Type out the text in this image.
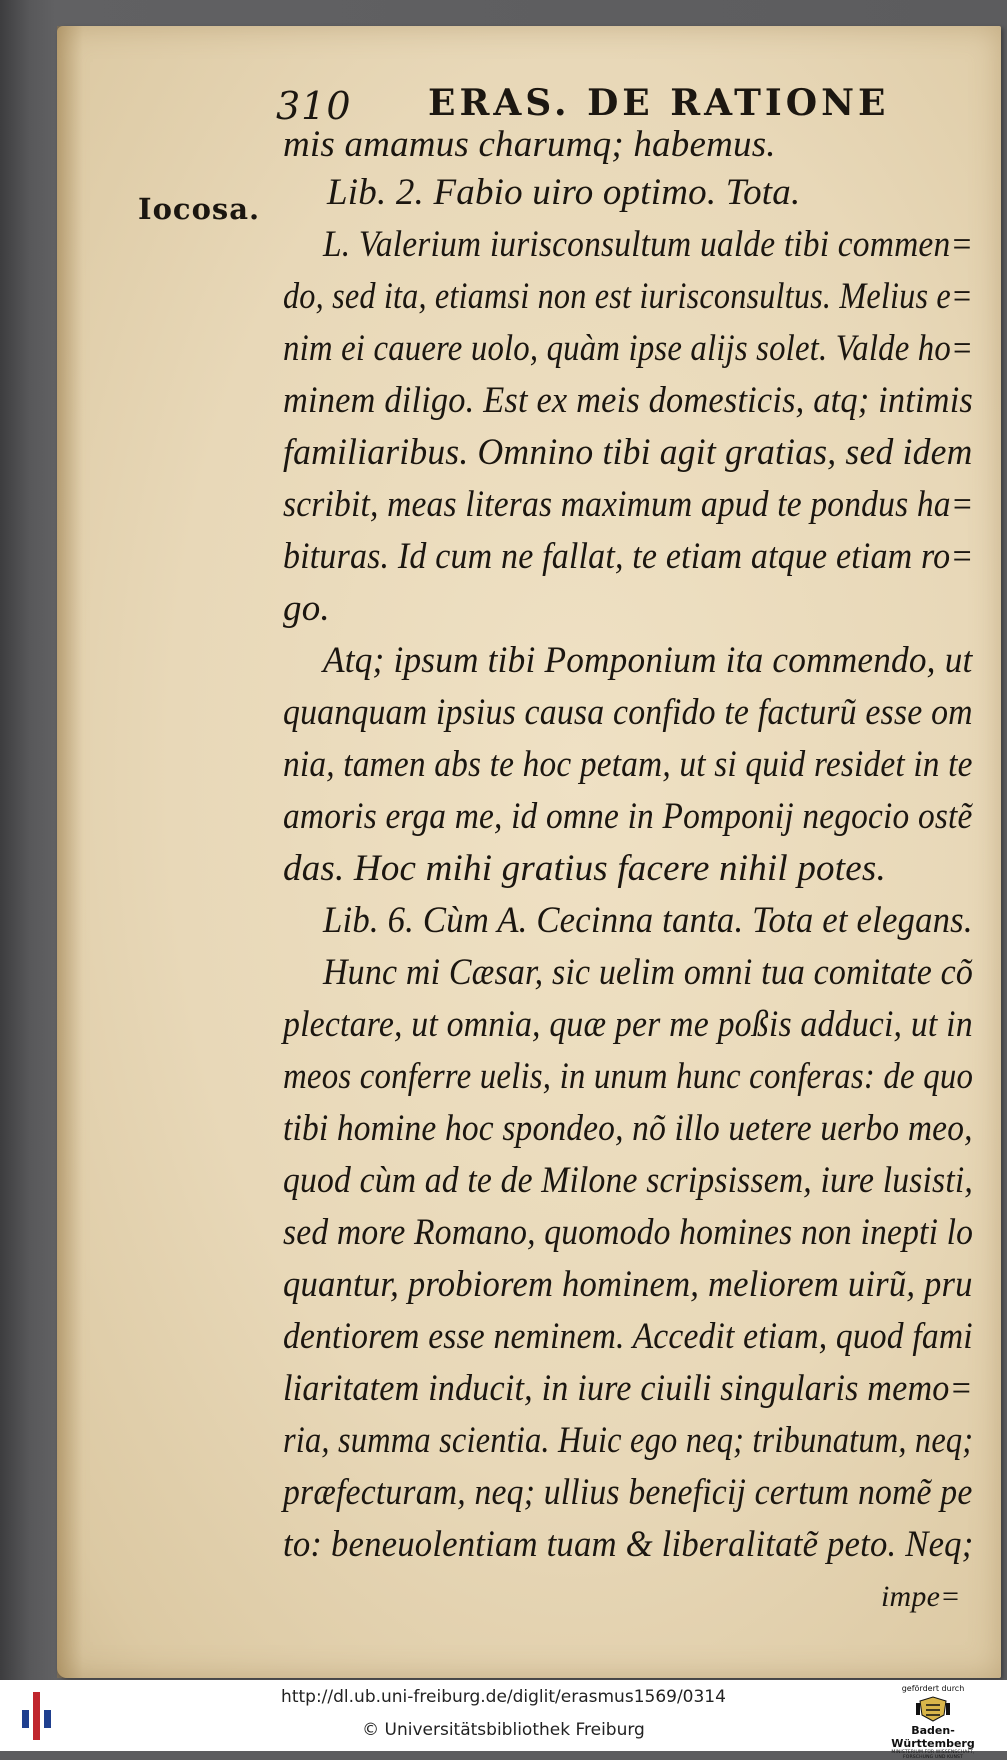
310 ERAS. DE RATIONE
Iocosa.
mis amamus charumq; habemus.
Lib. 2. Fabio uiro optimo. Tota.
L. Valerium iurisconsultum ualde tibi commen=
do, sed ita, etiamsi non est iurisconsultus. Melius e=
nim ei cauere uolo, quàm ipse alijs solet. Valde ho=
minem diligo. Est ex meis domesticis, atq; intimis
familiaribus. Omnino tibi agit gratias, sed idem
scribit, meas literas maximum apud te pondus ha=
bituras. Id cum ne fallat, te etiam atque etiam ro=
go.
Atq; ipsum tibi Pomponium ita commendo, ut
quanquam ipsius causa confido te facturũ esse om
nia, tamen abs te hoc petam, ut si quid residet in te
amoris erga me, id omne in Pomponij negocio ostẽ
das. Hoc mihi gratius facere nihil potes.
Lib. 6. Cùm A. Cecinna tanta. Tota et elegans.
Hunc mi Cæsar, sic uelim omni tua comitate cõ
plectare, ut omnia, quæ per me poßis adduci, ut in
meos conferre uelis, in unum hunc conferas: de quo
tibi homine hoc spondeo, nõ illo uetere uerbo meo,
quod cùm ad te de Milone scripsissem, iure lusisti,
sed more Romano, quomodo homines non inepti lo
quantur, probiorem hominem, meliorem uirũ, pru
dentiorem esse neminem. Accedit etiam, quod fami
liaritatem inducit, in iure ciuili singularis memo=
ria, summa scientia. Huic ego neq; tribunatum, neq;
præfecturam, neq; ullius beneficij certum nomẽ pe
to: beneuolentiam tuam & liberalitatẽ peto. Neq;
impe=
http://dl.ub.uni-freiburg.de/diglit/erasmus1569/0314
© Universitätsbibliothek Freiburg
gefördert durch
Baden-Württemberg
MINISTERIUM FÜR WISSENSCHAFT, FORSCHUNG UND KUNST
